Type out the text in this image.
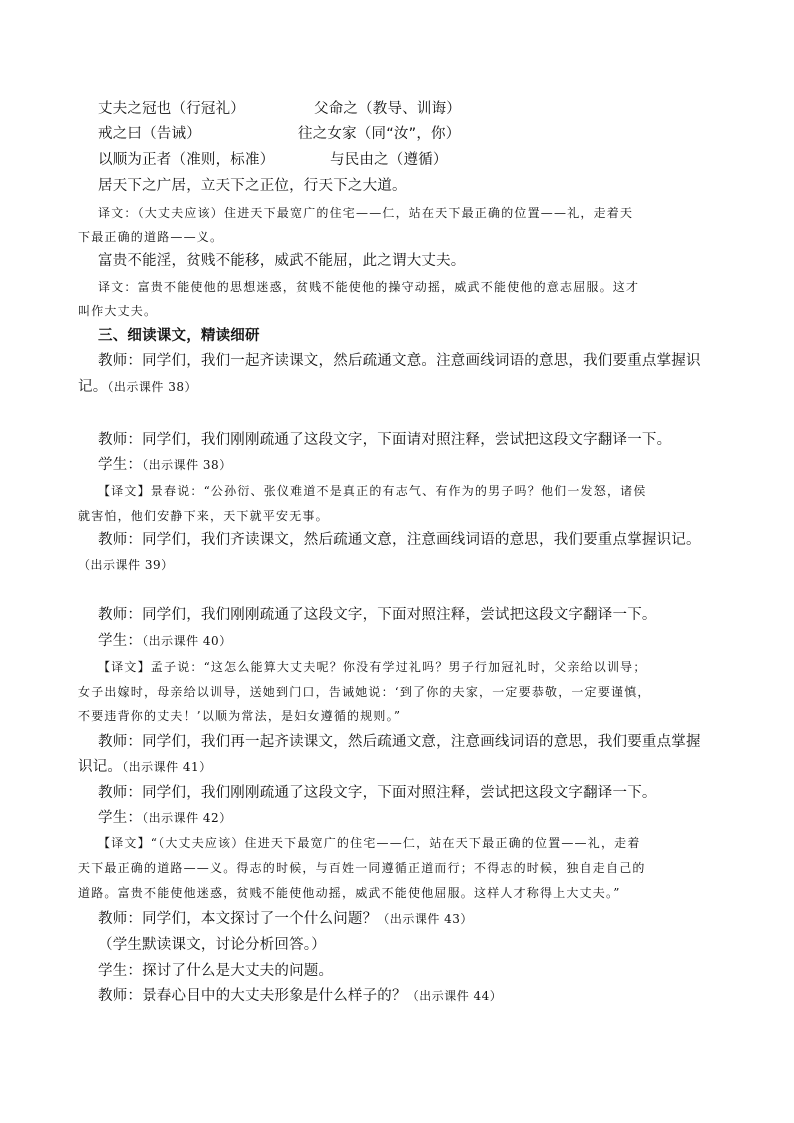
丈夫之冠也（行冠礼）	父命之（教导、训诲）
戒之曰（告诫）	往之女家（同“汝”，你）
以顺为正者（准则，标准）	与民由之（遵循）
居天下之广居，立天下之正位，行天下之大道。
译文：（大丈夫应该）住进天下最宽广的住宅——仁，站在天下最正确的位置——礼，走着天
下最正确的道路——义。
富贵不能淫，贫贱不能移，威武不能屈，此之谓大丈夫。
译文：富贵不能使他的思想迷惑，贫贱不能使他的操守动摇，威武不能使他的意志屈服。这才
叫作大丈夫。
三、细读课文，精读细研
教师：同学们，我们一起齐读课文，然后疏通文意。注意画线词语的意思，我们要重点掌握识
记。（出示课件 38）
教师：同学们，我们刚刚疏通了这段文字，下面请对照注释，尝试把这段文字翻译一下。
学生：（出示课件 38）
【译文】景春说：“公孙衍、张仪难道不是真正的有志气、有作为的男子吗？他们一发怒，诸侯
就害怕，他们安静下来，天下就平安无事。
教师：同学们，我们齐读课文，然后疏通文意，注意画线词语的意思，我们要重点掌握识记。
（出示课件 39）
教师：同学们，我们刚刚疏通了这段文字，下面对照注释，尝试把这段文字翻译一下。
学生：（出示课件 40）
【译文】孟子说：“这怎么能算大丈夫呢？你没有学过礼吗？男子行加冠礼时，父亲给以训导；
女子出嫁时，母亲给以训导，送她到门口，告诫她说：‘到了你的夫家，一定要恭敬，一定要谨慎，
不要违背你的丈夫！’以顺为常法，是妇女遵循的规则。”
教师：同学们，我们再一起齐读课文，然后疏通文意，注意画线词语的意思，我们要重点掌握
识记。（出示课件 41）
教师：同学们，我们刚刚疏通了这段文字，下面对照注释，尝试把这段文字翻译一下。
学生：（出示课件 42）
【译文】“（大丈夫应该）住进天下最宽广的住宅——仁，站在天下最正确的位置——礼，走着
天下最正确的道路——义。得志的时候，与百姓一同遵循正道而行；不得志的时候，独自走自己的
道路。富贵不能使他迷惑，贫贱不能使他动摇，威武不能使他屈服。这样人才称得上大丈夫。”
教师：同学们，本文探讨了一个什么问题？（出示课件 43）
（学生默读课文，讨论分析回答。）
学生：探讨了什么是大丈夫的问题。
教师：景春心目中的大丈夫形象是什么样子的？（出示课件 44）
